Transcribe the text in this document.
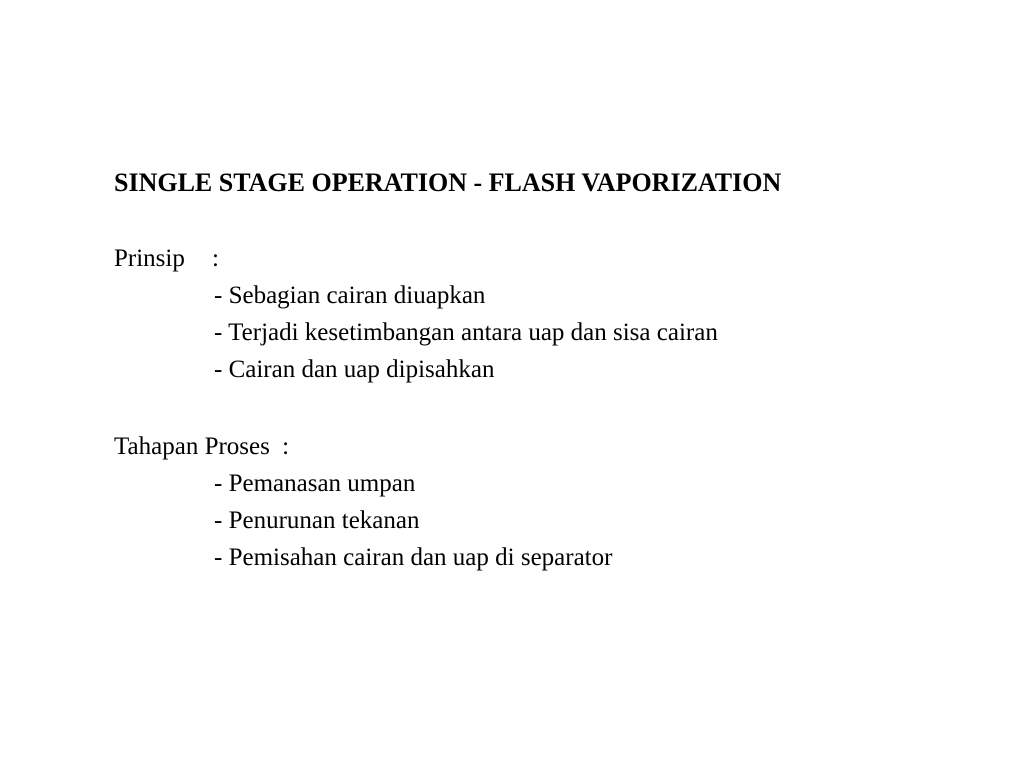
SINGLE STAGE OPERATION - FLASH VAPORIZATION
Prinsip :
- Sebagian cairan diuapkan
- Terjadi kesetimbangan antara uap dan sisa cairan
- Cairan dan uap dipisahkan
Tahapan Proses :
- Pemanasan umpan
- Penurunan tekanan
- Pemisahan cairan dan uap di separator
